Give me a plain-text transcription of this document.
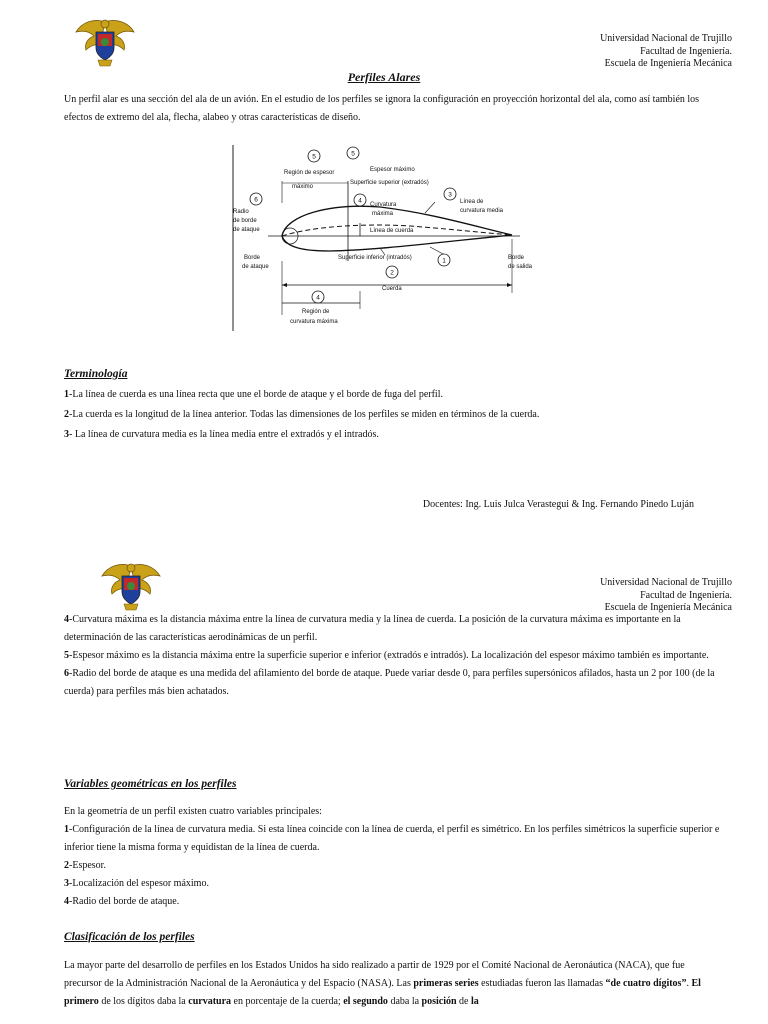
Universidad Nacional de Trujillo
Facultad de Ingeniería.
Escuela de Ingeniería Mecánica
Perfiles Alares

Un perfil alar es una sección del ala de un avión. En el estudio de los perfiles se ignora la configuración en proyección horizontal del ala, como así también los efectos de extremo del ala, flecha, alabeo y otras características de diseño.

5	5
6	4
3
1
2
4
Región de espesor
máximo
Espesor máximo
Superficie superior (extradós)
Radio
de borde
de ataque
Curvatura
máxima
Línea de
curvatura media
Línea de cuerda
Borde
de ataque
Superficie inferior (intradós)	Borde
de salida
Cuerda
Región de
curvatura máxima
Terminología

1-La línea de cuerda es una línea recta que une el borde de ataque y el borde de fuga del perfil.

2-La cuerda es la longitud de la línea anterior. Todas las dimensiones de los perfiles se miden en términos de la cuerda.

3- La línea de curvatura media es la línea media entre el extradós y el intradós.

Docentes: Ing. Luis Julca Verastegui & Ing. Fernando Pinedo Luján
Universidad Nacional de Trujillo
Facultad de Ingeniería.
Escuela de Ingeniería Mecánica

4-Curvatura máxima es la distancia máxima entre la línea de curvatura media y la línea de cuerda. La posición de la curvatura máxima es importante en la determinación de las características aerodinámicas de un perfil.

5-Espesor máximo es la distancia máxima entre la superficie superior e inferior (extradós e intradós). La localización del espesor máximo también es importante.

6-Radio del borde de ataque es una medida del afilamiento del borde de ataque. Puede variar desde 0, para perfiles supersónicos afilados, hasta un 2 por 100 (de la cuerda) para perfiles más bien achatados.

Variables geométricas en los perfiles

En la geometría de un perfil existen cuatro variables principales:

1-Configuración de la línea de curvatura media. Si esta línea coincide con la línea de cuerda, el perfil es simétrico. En los perfiles simétricos la superficie superior e inferior tiene la misma forma y equidistan de la línea de cuerda.

2-Espesor.

3-Localización del espesor máximo.

4-Radio del borde de ataque.

Clasificación de los perfiles

La mayor parte del desarrollo de perfiles en los Estados Unidos ha sido realizado a partir de 1929 por el Comité Nacional de Aeronáutica (NACA), que fue precursor de la Administración Nacional de la Aeronáutica y del Espacio (NASA). Las primeras series estudiadas fueron las llamadas “de cuatro dígitos”. El primero de los dígitos daba la curvatura en porcentaje de la cuerda; el segundo daba la posición de la
